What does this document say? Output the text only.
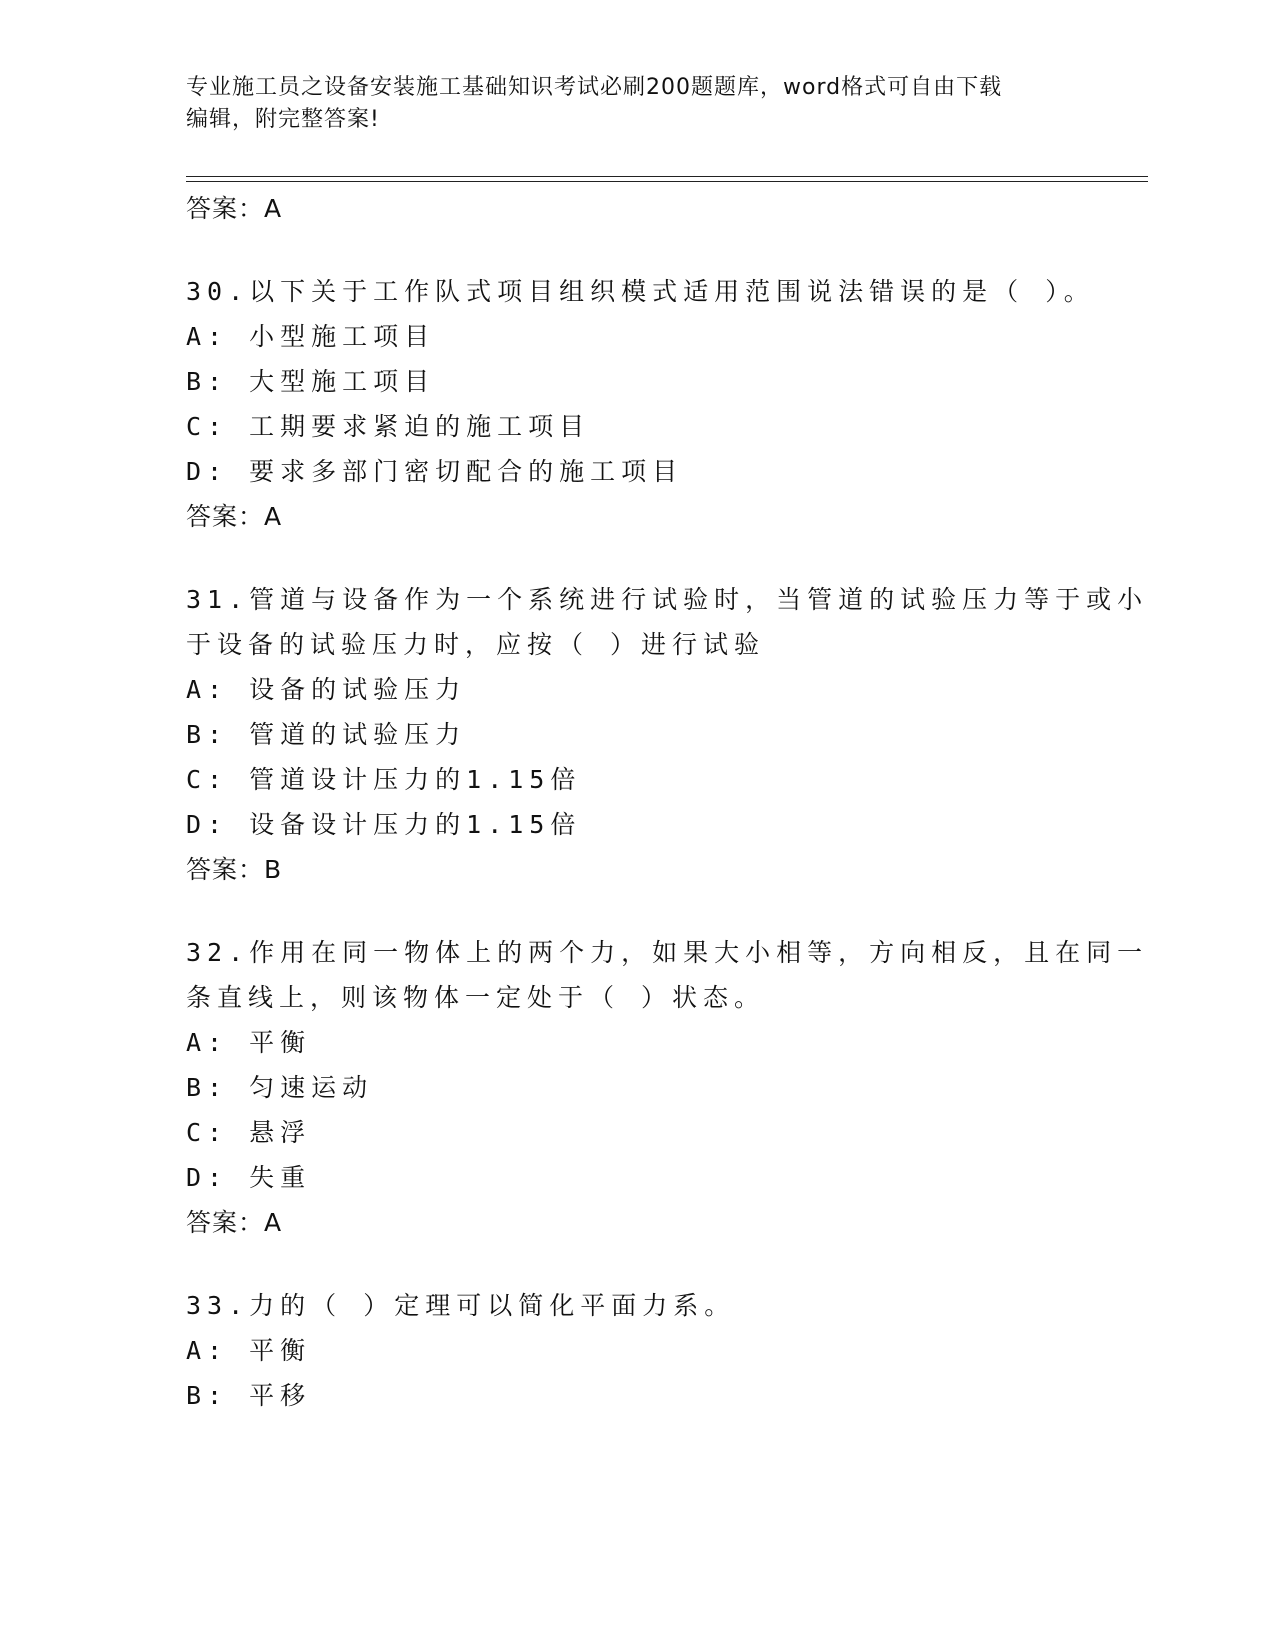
专业施工员之设备安装施工基础知识考试必刷200题题库，word格式可自由下载
编辑，附完整答案!
答案：A
30.以下关于工作队式项目组织模式适用范围说法错误的是（ ）。
A: 小型施工项目
B: 大型施工项目
C: 工期要求紧迫的施工项目
D: 要求多部门密切配合的施工项目
答案：A
31.管道与设备作为一个系统进行试验时，当管道的试验压力等于或小
于设备的试验压力时，应按（ ）进行试验
A: 设备的试验压力
B: 管道的试验压力
C: 管道设计压力的1.15倍
D: 设备设计压力的1.15倍
答案：B
32.作用在同一物体上的两个力，如果大小相等，方向相反，且在同一
条直线上，则该物体一定处于（ ）状态。
A: 平衡
B: 匀速运动
C: 悬浮
D: 失重
答案：A
33.力的（ ）定理可以简化平面力系。
A: 平衡
B: 平移
